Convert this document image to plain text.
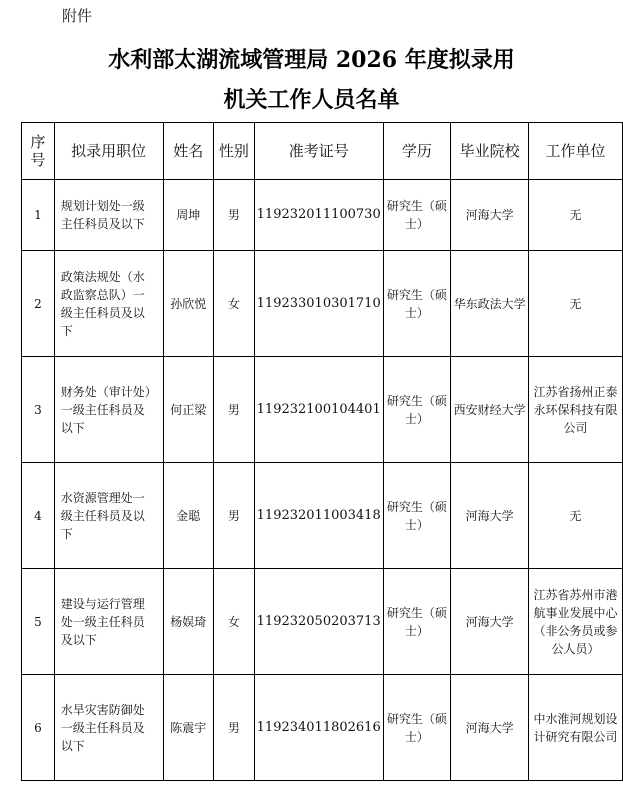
附件
水利部太湖流域管理局 2026 年度拟录用
机关工作人员名单
序号	拟录用职位	姓名	性别	准考证号	学历	毕业院校	工作单位
1	规划计划处一级主任科员及以下	周坤	男	119232011100730	研究生（硕士）	河海大学	无
2	政策法规处（水政监察总队）一级主任科员及以下	孙欣悦	女	119233010301710	研究生（硕士）	华东政法大学	无
3	财务处（审计处）一级主任科员及以下	何正梁	男	119232100104401	研究生（硕士）	西安财经大学	江苏省扬州正泰永环保科技有限公司
4	水资源管理处一级主任科员及以下	金聪	男	119232011003418	研究生（硕士）	河海大学	无
5	建设与运行管理处一级主任科员及以下	杨娱琦	女	119232050203713	研究生（硕士）	河海大学	江苏省苏州市港航事业发展中心（非公务员或参公人员）
6	水旱灾害防御处一级主任科员及以下	陈震宇	男	119234011802616	研究生（硕士）	河海大学	中水淮河规划设计研究有限公司
